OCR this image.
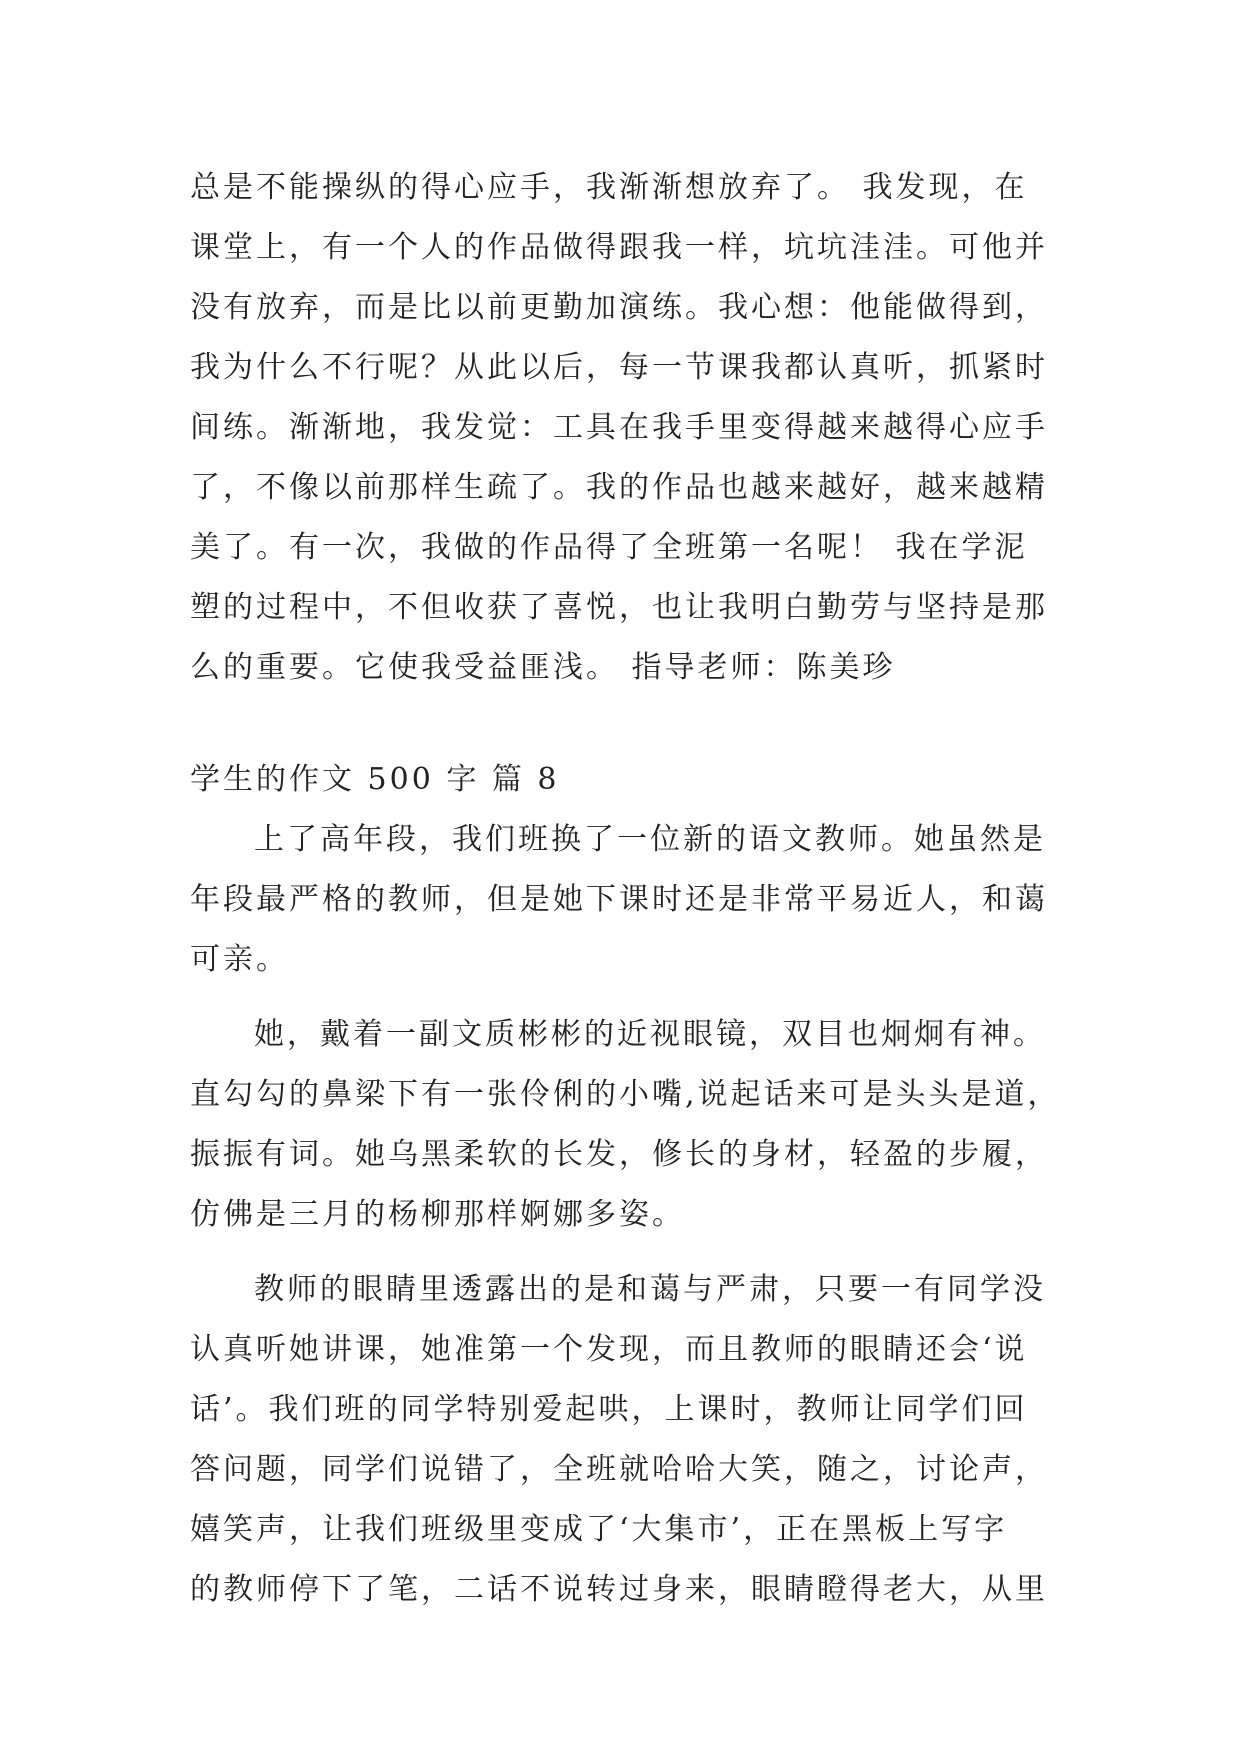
总是不能操纵的得心应手，我渐渐想放弃了。 我发现，在
课堂上，有一个人的作品做得跟我一样，坑坑洼洼。可他并
没有放弃，而是比以前更勤加演练。我心想：他能做得到，
我为什么不行呢？从此以后，每一节课我都认真听，抓紧时
间练。渐渐地，我发觉：工具在我手里变得越来越得心应手
了，不像以前那样生疏了。我的作品也越来越好，越来越精
美了。有一次，我做的作品得了全班第一名呢！ 我在学泥
塑的过程中，不但收获了喜悦，也让我明白勤劳与坚持是那
么的重要。它使我受益匪浅。 指导老师：陈美珍
学生的作文 500 字 篇 8
上了高年段，我们班换了一位新的语文教师。她虽然是
年段最严格的教师，但是她下课时还是非常平易近人，和蔼
可亲。
她，戴着一副文质彬彬的近视眼镜，双目也炯炯有神。
直勾勾的鼻梁下有一张伶俐的小嘴,说起话来可是头头是道，
振振有词。她乌黑柔软的长发，修长的身材，轻盈的步履，
仿佛是三月的杨柳那样婀娜多姿。
教师的眼睛里透露出的是和蔼与严肃，只要一有同学没
认真听她讲课，她准第一个发现，而且教师的眼睛还会‘说
话’。我们班的同学特别爱起哄，上课时，教师让同学们回
答问题，同学们说错了，全班就哈哈大笑，随之，讨论声，
嬉笑声，让我们班级里变成了‘大集市’，正在黑板上写字
的教师停下了笔，二话不说转过身来，眼睛瞪得老大，从里
